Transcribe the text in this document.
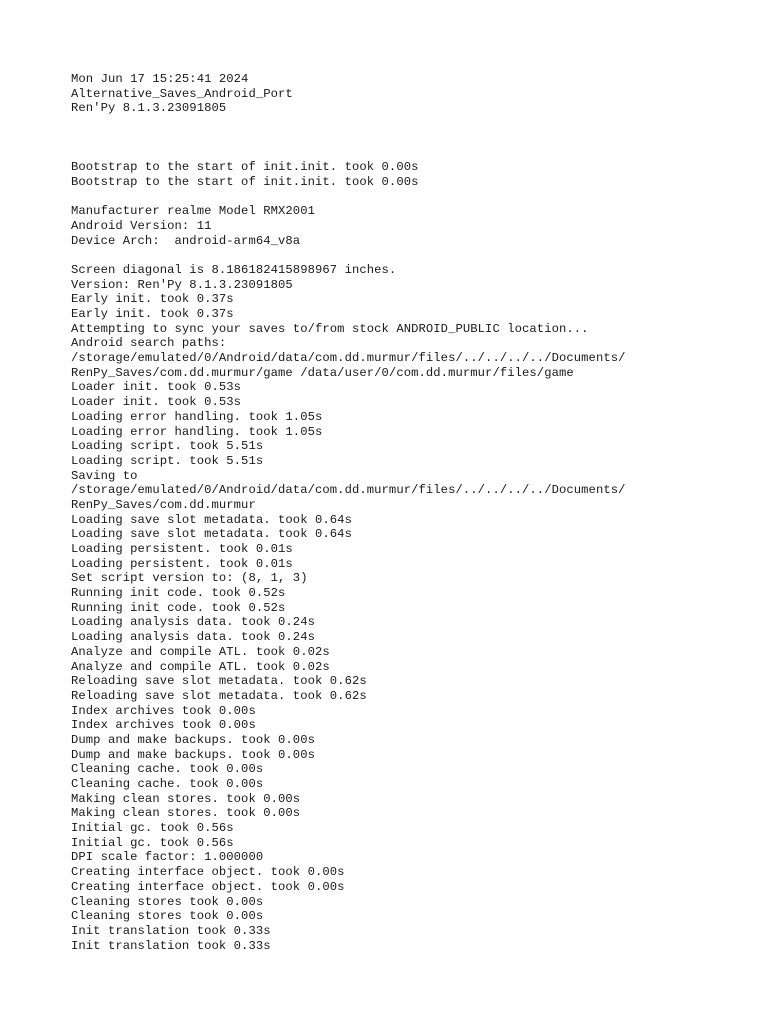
Mon Jun 17 15:25:41 2024
Alternative_Saves_Android_Port
Ren'Py 8.1.3.23091805
Bootstrap to the start of init.init. took 0.00s
Bootstrap to the start of init.init. took 0.00s
Manufacturer realme Model RMX2001
Android Version: 11
Device Arch:  android-arm64_v8a
Screen diagonal is 8.186182415898967 inches.
Version: Ren'Py 8.1.3.23091805
Early init. took 0.37s
Early init. took 0.37s
Attempting to sync your saves to/from stock ANDROID_PUBLIC location...
Android search paths:
/storage/emulated/0/Android/data/com.dd.murmur/files/../../../../Documents/
RenPy_Saves/com.dd.murmur/game /data/user/0/com.dd.murmur/files/game
Loader init. took 0.53s
Loader init. took 0.53s
Loading error handling. took 1.05s
Loading error handling. took 1.05s
Loading script. took 5.51s
Loading script. took 5.51s
Saving to
/storage/emulated/0/Android/data/com.dd.murmur/files/../../../../Documents/
RenPy_Saves/com.dd.murmur
Loading save slot metadata. took 0.64s
Loading save slot metadata. took 0.64s
Loading persistent. took 0.01s
Loading persistent. took 0.01s
Set script version to: (8, 1, 3)
Running init code. took 0.52s
Running init code. took 0.52s
Loading analysis data. took 0.24s
Loading analysis data. took 0.24s
Analyze and compile ATL. took 0.02s
Analyze and compile ATL. took 0.02s
Reloading save slot metadata. took 0.62s
Reloading save slot metadata. took 0.62s
Index archives took 0.00s
Index archives took 0.00s
Dump and make backups. took 0.00s
Dump and make backups. took 0.00s
Cleaning cache. took 0.00s
Cleaning cache. took 0.00s
Making clean stores. took 0.00s
Making clean stores. took 0.00s
Initial gc. took 0.56s
Initial gc. took 0.56s
DPI scale factor: 1.000000
Creating interface object. took 0.00s
Creating interface object. took 0.00s
Cleaning stores took 0.00s
Cleaning stores took 0.00s
Init translation took 0.33s
Init translation took 0.33s
